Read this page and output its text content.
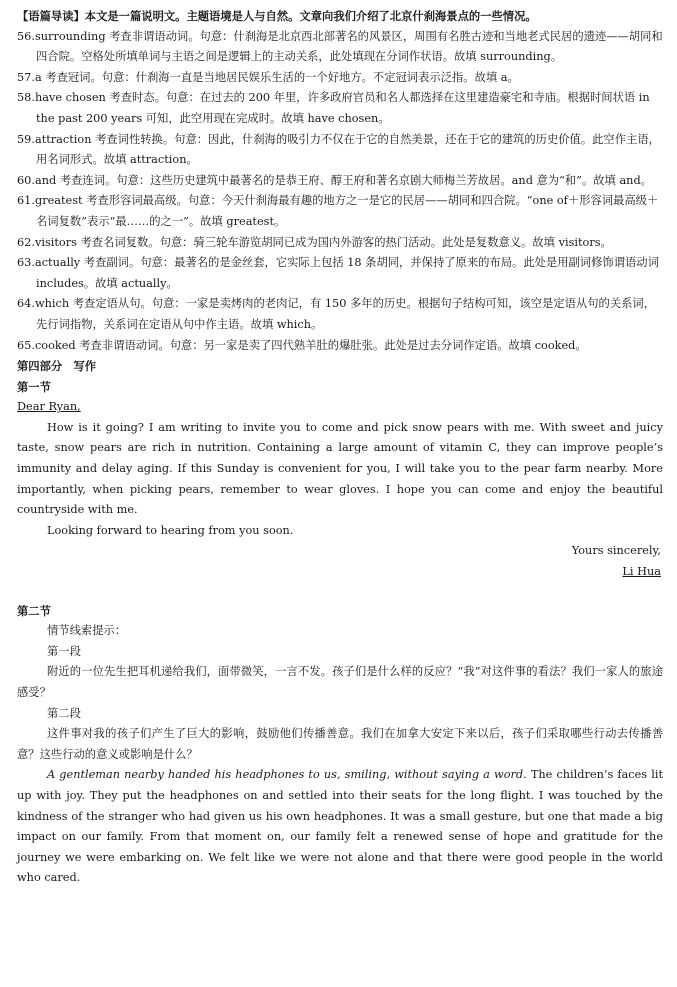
【语篇导读】本文是一篇说明文。主题语境是人与自然。文章向我们介绍了北京什刹海景点的一些情况。
56.surrounding 考查非谓语动词。句意：什刹海是北京西北部著名的风景区，周围有名胜古迹和当地老式民居的遗迹——胡同和四合院。空格处所填单词与主语之间是逻辑上的主动关系，此处填现在分词作状语。故填 surrounding。
57.a 考查冠词。句意：什刹海一直是当地居民娱乐生活的一个好地方。不定冠词表示泛指。故填 a。
58.have chosen 考查时态。句意：在过去的 200 年里，许多政府官员和名人都选择在这里建造豪宅和寺庙。根据时间状语 in the past 200 years 可知，此空用现在完成时。故填 have chosen。
59.attraction 考查词性转换。句意：因此，什刹海的吸引力不仅在于它的自然美景，还在于它的建筑的历史价值。此空作主语，用名词形式。故填 attraction。
60.and 考查连词。句意：这些历史建筑中最著名的是恭王府、醇王府和著名京剧大师梅兰芳故居。and 意为“和”。故填 and。
61.greatest 考查形容词最高级。句意：今天什刹海最有趣的地方之一是它的民居——胡同和四合院。“one of＋形容词最高级＋名词复数”表示“最……的之一”。故填 greatest。
62.visitors 考查名词复数。句意：骑三轮车游览胡同已成为国内外游客的热门活动。此处是复数意义。故填 visitors。
63.actually 考查副词。句意：最著名的是金丝套，它实际上包括 18 条胡同，并保持了原来的布局。此处是用副词修饰谓语动词 includes。故填 actually。
64.which 考查定语从句。句意：一家是卖烤肉的老肉记，有 150 多年的历史。根据句子结构可知，该空是定语从句的关系词，先行词指物，关系词在定语从句中作主语。故填 which。
65.cooked 考查非谓语动词。句意：另一家是卖了四代熟羊肚的爆肚张。此处是过去分词作定语。故填 cooked。
第四部分　写作
第一节
Dear Ryan,
How is it going? I am writing to invite you to come and pick snow pears with me. With sweet and juicy taste, snow pears are rich in nutrition. Containing a large amount of vitamin C, they can improve people’s immunity and delay aging. If this Sunday is convenient for you, I will take you to the pear farm nearby. More importantly, when picking pears, remember to wear gloves. I hope you can come and enjoy the beautiful countryside with me.
Looking forward to hearing from you soon.
Yours sincerely,
Li Hua
第二节
情节线索提示：
第一段
附近的一位先生把耳机递给我们，面带微笑，一言不发。孩子们是什么样的反应？“我”对这件事的看法？我们一家人的旅途感受？
第二段
这件事对我的孩子们产生了巨大的影响，鼓励他们传播善意。我们在加拿大安定下来以后，孩子们采取哪些行动去传播善意？这些行动的意义或影响是什么？
A gentleman nearby handed his headphones to us, smiling, without saying a word. The children’s faces lit up with joy. They put the headphones on and settled into their seats for the long flight. I was touched by the kindness of the stranger who had given us his own headphones. It was a small gesture, but one that made a big impact on our family. From that moment on, our family felt a renewed sense of hope and gratitude for the journey we were embarking on. We felt like we were not alone and that there were good people in the world who cared.
